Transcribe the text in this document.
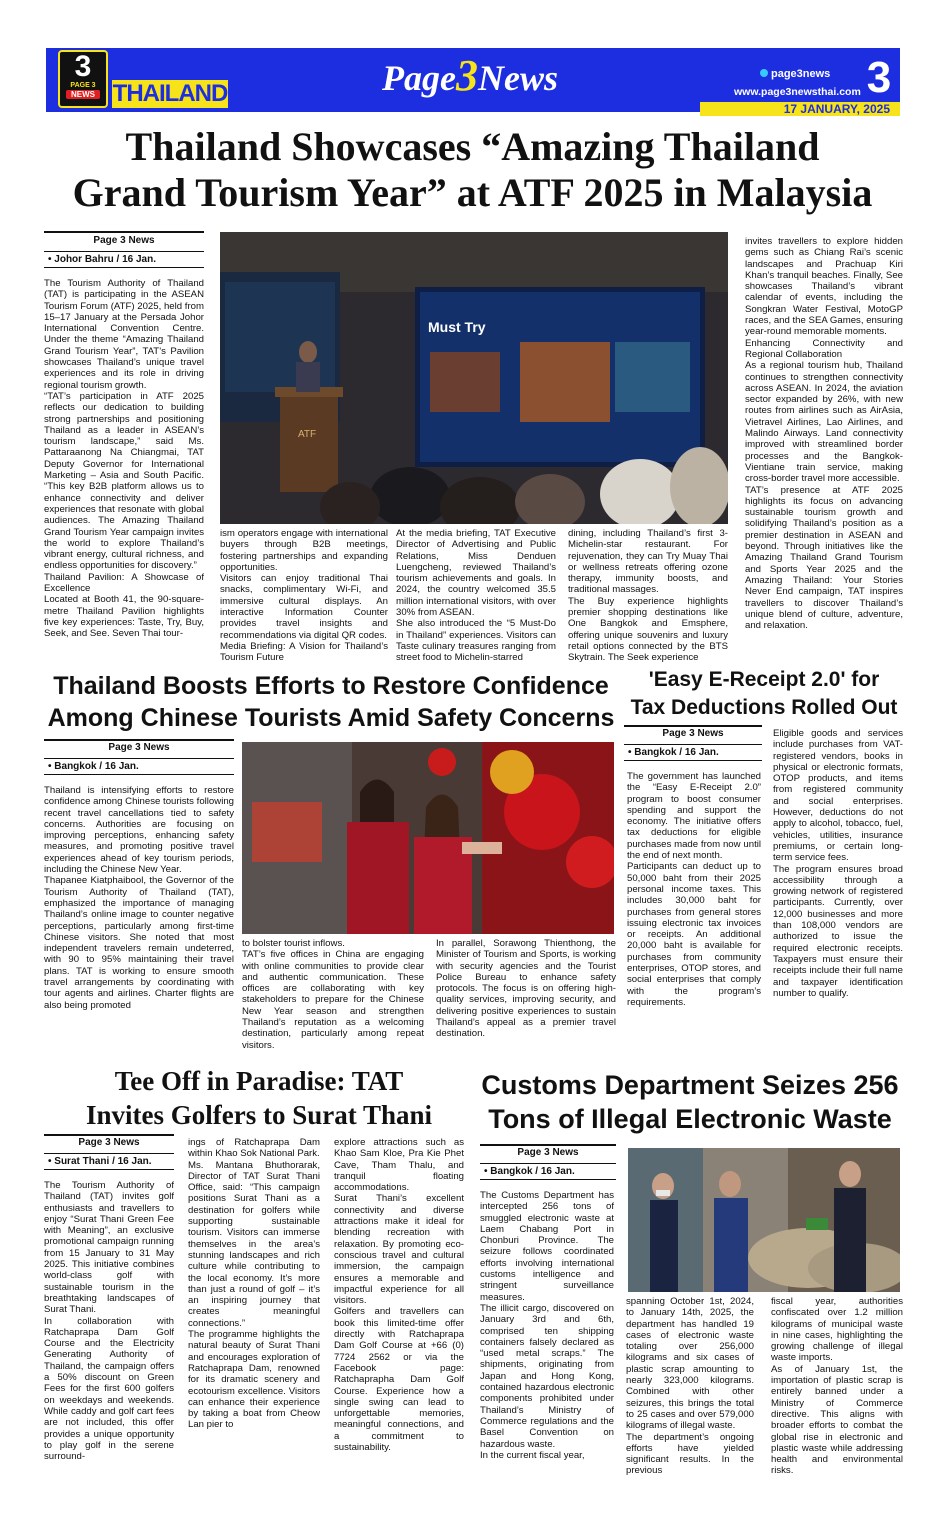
3
PAGE 3
NEWS THAILAND	Page3News	page3news
www.page3newsthai.com 3
17 JANUARY, 2025
Thailand Showcases “Amazing Thailand
Grand Tourism Year” at ATF 2025 in Malaysia
Page 3 News
• Johor Bahru / 16 Jan.
The Tourism Authority of Thailand (TAT) is participating in the ASEAN Tourism Forum (ATF) 2025, held from 15–17 January at the Persada Johor International Convention Centre. Under the theme “Amazing Thailand Grand Tourism Year”, TAT’s Pavilion showcases Thailand’s unique travel experiences and its role in driving regional tourism growth.
“TAT’s participation in ATF 2025 reflects our dedication to building strong partnerships and positioning Thailand as a leader in ASEAN’s tourism landscape,” said Ms. Pattaraanong Na Chiangmai, TAT Deputy Governor for International Marketing – Asia and South Pacific. “This key B2B platform allows us to enhance connectivity and deliver experiences that resonate with global audiences. The Amazing Thailand Grand Tourism Year campaign invites the world to explore Thailand’s vibrant energy, cultural richness, and endless opportunities for discovery.”
Thailand Pavilion: A Showcase of Excellence
Located at Booth 41, the 90-square-metre Thailand Pavilion highlights five key experiences: Taste, Try, Buy, Seek, and See. Seven Thai tour-
Must Try
ATF
ism operators engage with international buyers through B2B meetings, fostering partnerships and expanding opportunities.
Visitors can enjoy traditional Thai snacks, complimentary Wi-Fi, and immersive cultural displays. An interactive Information Counter provides travel insights and recommendations via digital QR codes.
Media Briefing: A Vision for Thailand’s Tourism Future
At the media briefing, TAT Executive Director of Advertising and Public Relations, Miss Denduen Luengcheng, reviewed Thailand’s tourism achievements and goals. In 2024, the country welcomed 35.5 million international visitors, with over 30% from ASEAN.
She also introduced the “5 Must-Do in Thailand” experiences. Visitors can Taste culinary treasures ranging from street food to Michelin-starred
dining, including Thailand’s first 3-Michelin-star restaurant. For rejuvenation, they can Try Muay Thai or wellness retreats offering ozone therapy, immunity boosts, and traditional massages.
The Buy experience highlights premier shopping destinations like One Bangkok and Emsphere, offering unique souvenirs and luxury retail options connected by the BTS Skytrain. The Seek experience
invites travellers to explore hidden gems such as Chiang Rai’s scenic landscapes and Prachuap Kiri Khan’s tranquil beaches. Finally, See showcases Thailand’s vibrant calendar of events, including the Songkran Water Festival, MotoGP races, and the SEA Games, ensuring year-round memorable moments.
Enhancing Connectivity and Regional Collaboration
As a regional tourism hub, Thailand continues to strengthen connectivity across ASEAN. In 2024, the aviation sector expanded by 26%, with new routes from airlines such as AirAsia, Vietravel Airlines, Lao Airlines, and Malindo Airways. Land connectivity improved with streamlined border processes and the Bangkok-Vientiane train service, making cross-border travel more accessible.
TAT’s presence at ATF 2025 highlights its focus on advancing sustainable tourism growth and solidifying Thailand’s position as a premier destination in ASEAN and beyond. Through initiatives like the Amazing Thailand Grand Tourism and Sports Year 2025 and the Amazing Thailand: Your Stories Never End campaign, TAT inspires travellers to discover Thailand’s unique blend of culture, adventure, and relaxation.
Thailand Boosts Efforts to Restore Confidence
Among Chinese Tourists Amid Safety Concerns
Page 3 News
• Bangkok / 16 Jan.
Thailand is intensifying efforts to restore confidence among Chinese tourists following recent travel cancellations tied to safety concerns. Authorities are focusing on improving perceptions, enhancing safety measures, and promoting positive travel experiences ahead of key tourism periods, including the Chinese New Year.
Thapanee Kiatphaibool, the Governor of the Tourism Authority of Thailand (TAT), emphasized the importance of managing Thailand’s online image to counter negative perceptions, particularly among first-time Chinese visitors. She noted that most independent travelers remain undeterred, with 90 to 95% maintaining their travel plans. TAT is working to ensure smooth travel arrangements by coordinating with tour agents and airlines. Charter flights are also being promoted
to bolster tourist inflows.
TAT’s five offices in China are engaging with online communities to provide clear and authentic communication. These offices are collaborating with key stakeholders to prepare for the Chinese New Year season and strengthen Thailand’s reputation as a welcoming destination, particularly among repeat visitors.
In parallel, Sorawong Thienthong, the Minister of Tourism and Sports, is working with security agencies and the Tourist Police Bureau to enhance safety protocols. The focus is on offering high-quality services, improving security, and delivering positive experiences to sustain Thailand’s appeal as a premier travel destination.
'Easy E-Receipt 2.0' for
Tax Deductions Rolled Out
Page 3 News
• Bangkok / 16 Jan.
The government has launched the “Easy E-Receipt 2.0” program to boost consumer spending and support the economy. The initiative offers tax deductions for eligible purchases made from now until the end of next month.
Participants can deduct up to 50,000 baht from their 2025 personal income taxes. This includes 30,000 baht for purchases from general stores issuing electronic tax invoices or receipts. An additional 20,000 baht is available for purchases from community enterprises, OTOP stores, and social enterprises that comply with the program’s requirements.
Eligible goods and services include purchases from VAT-registered vendors, books in physical or electronic formats, OTOP products, and items from registered community and social enterprises. However, deductions do not apply to alcohol, tobacco, fuel, vehicles, utilities, insurance premiums, or certain long-term service fees.
The program ensures broad accessibility through a growing network of registered participants. Currently, over 12,000 businesses and more than 108,000 vendors are authorized to issue the required electronic receipts. Taxpayers must ensure their receipts include their full name and taxpayer identification number to qualify.
Tee Off in Paradise: TAT
Invites Golfers to Surat Thani
Page 3 News
• Surat Thani / 16 Jan.
The Tourism Authority of Thailand (TAT) invites golf enthusiasts and travellers to enjoy “Surat Thani Green Fee with Meaning”, an exclusive promotional campaign running from 15 January to 31 May 2025. This initiative combines world-class golf with sustainable tourism in the breathtaking landscapes of Surat Thani.
In collaboration with Ratchaprapa Dam Golf Course and the Electricity Generating Authority of Thailand, the campaign offers a 50% discount on Green Fees for the first 600 golfers on weekdays and weekends. While caddy and golf cart fees are not included, this offer provides a unique opportunity to play golf in the serene surround-
ings of Ratchaprapa Dam within Khao Sok National Park.
Ms. Mantana Bhuthorarak, Director of TAT Surat Thani Office, said: “This campaign positions Surat Thani as a destination for golfers while supporting sustainable tourism. Visitors can immerse themselves in the area’s stunning landscapes and rich culture while contributing to the local economy. It’s more than just a round of golf – it’s an inspiring journey that creates meaningful connections.”
The programme highlights the natural beauty of Surat Thani and encourages exploration of Ratchaprapa Dam, renowned for its dramatic scenery and ecotourism excellence. Visitors can enhance their experience by taking a boat from Cheow Lan pier to
explore attractions such as Khao Sam Kloe, Pra Kie Phet Cave, Tham Thalu, and tranquil floating accommodations.
Surat Thani’s excellent connectivity and diverse attractions make it ideal for blending recreation with relaxation. By promoting eco-conscious travel and cultural immersion, the campaign ensures a memorable and impactful experience for all visitors.
Golfers and travellers can book this limited-time offer directly with Ratchaprapa Dam Golf Course at +66 (0) 7724 2562 or via the Facebook page: Ratchaprapha Dam Golf Course. Experience how a single swing can lead to unforgettable memories, meaningful connections, and a commitment to sustainability.
Customs Department Seizes 256
Tons of Illegal Electronic Waste
Page 3 News
• Bangkok / 16 Jan.
The Customs Department has intercepted 256 tons of smuggled electronic waste at Laem Chabang Port in Chonburi Province. The seizure follows coordinated efforts involving international customs intelligence and stringent surveillance measures.
The illicit cargo, discovered on January 3rd and 6th, comprised ten shipping containers falsely declared as “used metal scraps.” The shipments, originating from Japan and Hong Kong, contained hazardous electronic components prohibited under Thailand’s Ministry of Commerce regulations and the Basel Convention on hazardous waste.
In the current fiscal year,
spanning October 1st, 2024, to January 14th, 2025, the department has handled 19 cases of electronic waste totaling over 256,000 kilograms and six cases of plastic scrap amounting to nearly 323,000 kilograms. Combined with other seizures, this brings the total to 25 cases and over 579,000 kilograms of illegal waste.
The department’s ongoing efforts have yielded significant results. In the previous
fiscal year, authorities confiscated over 1.2 million kilograms of municipal waste in nine cases, highlighting the growing challenge of illegal waste imports.
As of January 1st, the importation of plastic scrap is entirely banned under a Ministry of Commerce directive. This aligns with broader efforts to combat the global rise in electronic and plastic waste while addressing health and environmental risks.
